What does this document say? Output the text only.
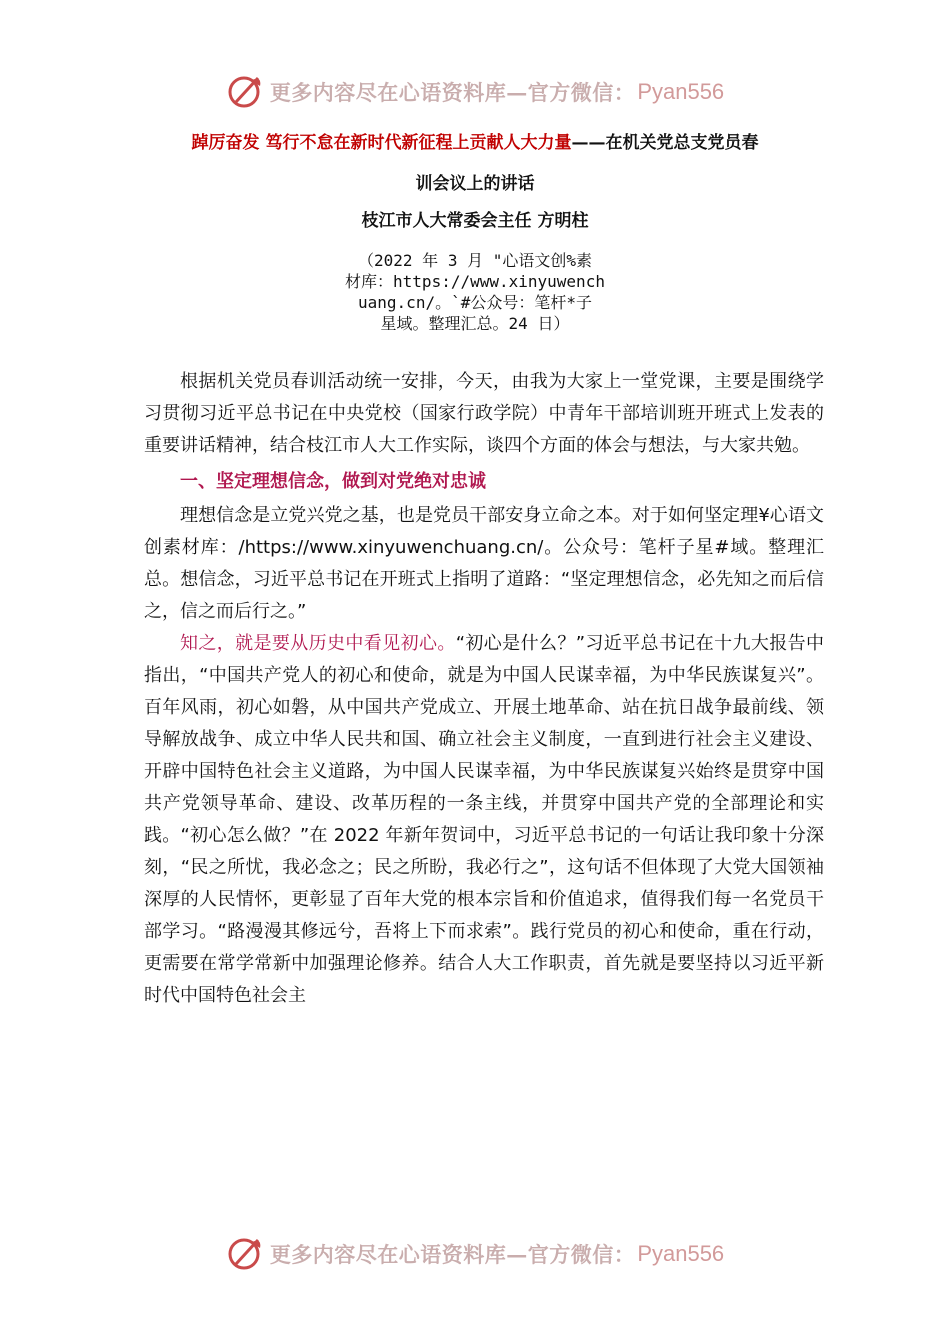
更多内容尽在心语资料库—官方微信： Pyan556
踔厉奋发 笃行不怠在新时代新征程上贡献人大力量——在机关党总支党员春
训会议上的讲话
枝江市人大常委会主任 方明柱
（2022 年 3 月 "心语文创%素
材库：https://www.xinyuwench
uang.cn/。`#公众号：笔杆*子
星域。整理汇总。24 日）

根据机关党员春训活动统一安排，今天，由我为大家上一堂党课，主要是围绕学习贯彻习近平总书记在中央党校（国家行政学院）中青年干部培训班开班式上发表的重要讲话精神，结合枝江市人大工作实际，谈四个方面的体会与想法，与大家共勉。

一、坚定理想信念，做到对党绝对忠诚

理想信念是立党兴党之基，也是党员干部安身立命之本。对于如何坚定理¥心语文创素材库：/https://www.xinyuwenchuang.cn/。公众号：笔杆子星#域。整理汇总。想信念，习近平总书记在开班式上指明了道路：“坚定理想信念，必先知之而后信之，信之而后行之。”

知之，就是要从历史中看见初心。“初心是什么？”习近平总书记在十九大报告中指出，“中国共产党人的初心和使命，就是为中国人民谋幸福，为中华民族谋复兴”。百年风雨，初心如磐，从中国共产党成立、开展土地革命、站在抗日战争最前线、领导解放战争、成立中华人民共和国、确立社会主义制度，一直到进行社会主义建设、开辟中国特色社会主义道路，为中国人民谋幸福，为中华民族谋复兴始终是贯穿中国共产党领导革命、建设、改革历程的一条主线，并贯穿中国共产党的全部理论和实践。“初心怎么做？”在 2022 年新年贺词中，习近平总书记的一句话让我印象十分深刻，“民之所忧，我必念之；民之所盼，我必行之”，这句话不但体现了大党大国领袖深厚的人民情怀，更彰显了百年大党的根本宗旨和价值追求，值得我们每一名党员干部学习。“路漫漫其修远兮，吾将上下而求索”。践行党员的初心和使命，重在行动，更需要在常学常新中加强理论修养。结合人大工作职责，首先就是要坚持以习近平新时代中国特色社会主

更多内容尽在心语资料库—官方微信： Pyan556
